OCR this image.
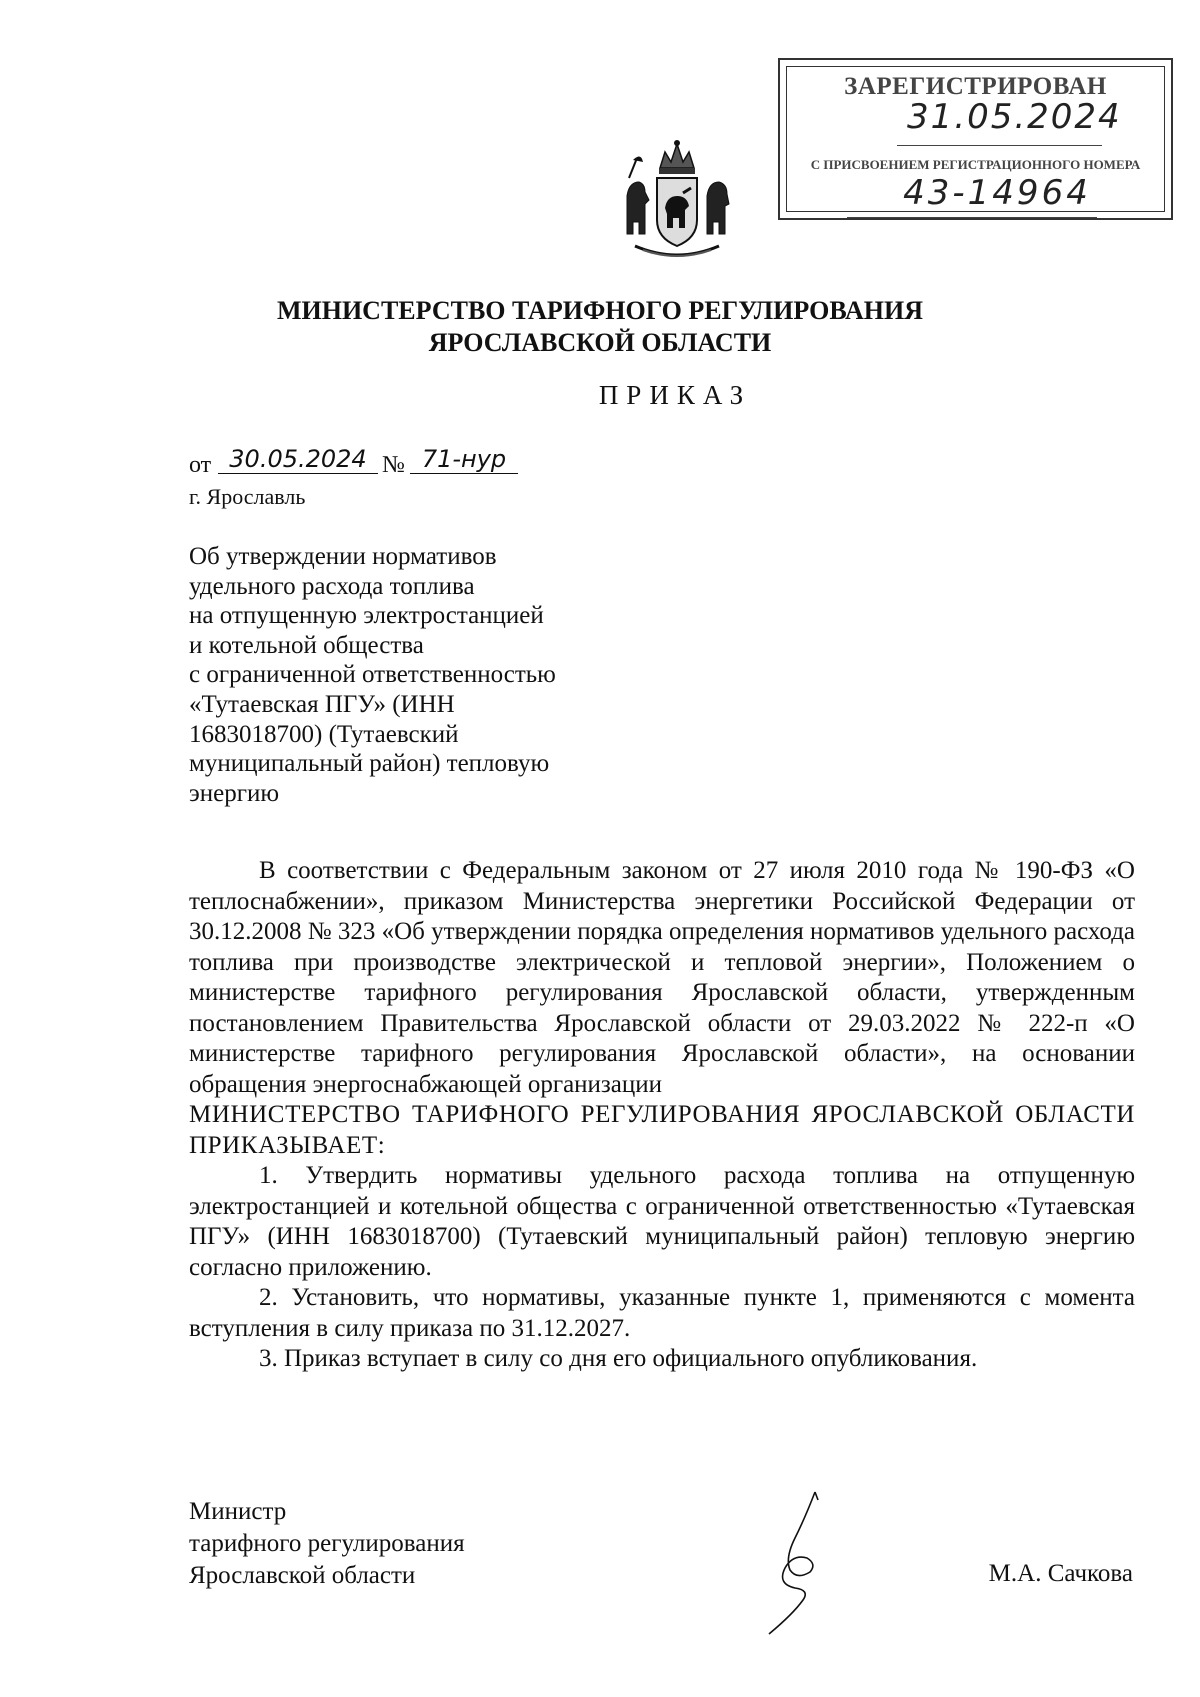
ЗАРЕГИСТРИРОВАН
31.05.2024
С ПРИСВОЕНИЕМ РЕГИСТРАЦИОННОГО НОМЕРА
43-14964
МИНИСТЕРСТВО ТАРИФНОГО РЕГУЛИРОВАНИЯ
ЯРОСЛАВСКОЙ ОБЛАСТИ
ПРИКАЗ
от 30.05.2024 № 71-нур
г. Ярославль
Об утверждении нормативов
удельного расхода топлива
на отпущенную электростанцией
и котельной общества
с ограниченной ответственностью
«Тутаевская ПГУ» (ИНН
1683018700) (Тутаевский
муниципальный район) тепловую
энергию

В соответствии с Федеральным законом от 27 июля 2010 года № 190-ФЗ «О теплоснабжении», приказом Министерства энергетики Российской Федерации от 30.12.2008 № 323 «Об утверждении порядка определения нормативов удельного расхода топлива при производстве электрической и тепловой энергии», Положением о министерстве тарифного регулирования Ярославской области, утвержденным постановлением Правительства Ярославской области от 29.03.2022 № 222-п «О министерстве тарифного регулирования Ярославской области», на основании обращения энергоснабжающей организации

МИНИСТЕРСТВО ТАРИФНОГО РЕГУЛИРОВАНИЯ ЯРОСЛАВСКОЙ ОБЛАСТИ ПРИКАЗЫВАЕТ:

1. Утвердить нормативы удельного расхода топлива на отпущенную электростанцией и котельной общества с ограниченной ответственностью «Тутаевская ПГУ» (ИНН 1683018700) (Тутаевский муниципальный район) тепловую энергию согласно приложению.

2. Установить, что нормативы, указанные пункте 1, применяются с момента вступления в силу приказа по 31.12.2027.

3. Приказ вступает в силу со дня его официального опубликования.

Министр
тарифного регулирования
Ярославской области	М.А. Сачкова
